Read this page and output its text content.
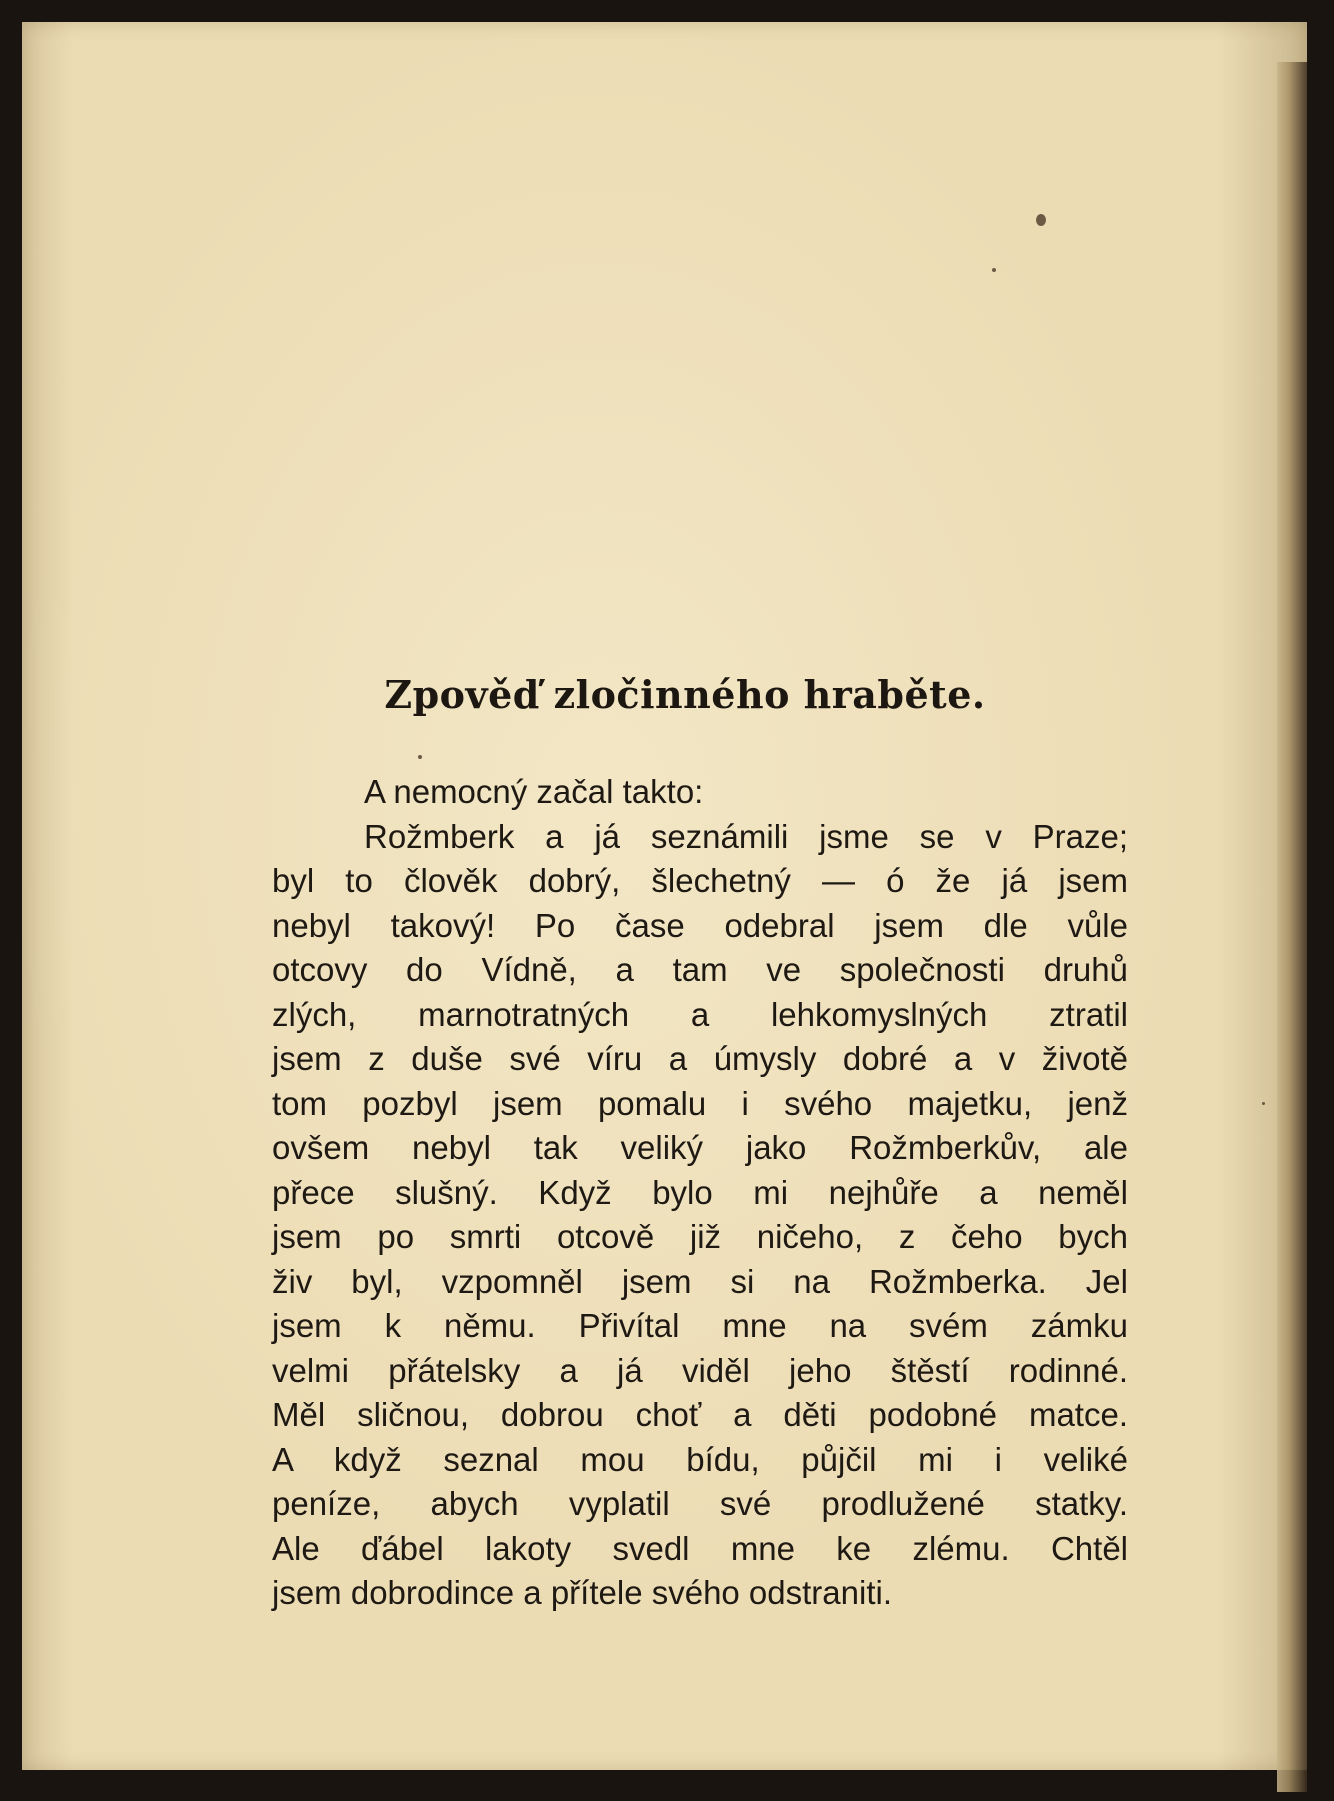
Zpověď zločinného hraběte.
A nemocný začal takto:
Rožmberk a já seznámili jsme se v Praze;
byl to člověk dobrý, šlechetný — ó že já jsem
nebyl takový! Po čase odebral jsem dle vůle
otcovy do Vídně, a tam ve společnosti druhů
zlých, marnotratných a lehkomyslných ztratil
jsem z duše své víru a úmysly dobré a v životě
tom pozbyl jsem pomalu i svého majetku, jenž
ovšem nebyl tak veliký jako Rožmberkův, ale
přece slušný. Když bylo mi nejhůře a neměl
jsem po smrti otcově již ničeho, z čeho bych
živ byl, vzpomněl jsem si na Rožmberka. Jel
jsem k němu. Přivítal mne na svém zámku
velmi přátelsky a já viděl jeho štěstí rodinné.
Měl sličnou, dobrou choť a děti podobné matce.
A když seznal mou bídu, půjčil mi i veliké
peníze, abych vyplatil své prodlužené statky.
Ale ďábel lakoty svedl mne ke zlému. Chtěl
jsem dobrodince a přítele svého odstraniti.
